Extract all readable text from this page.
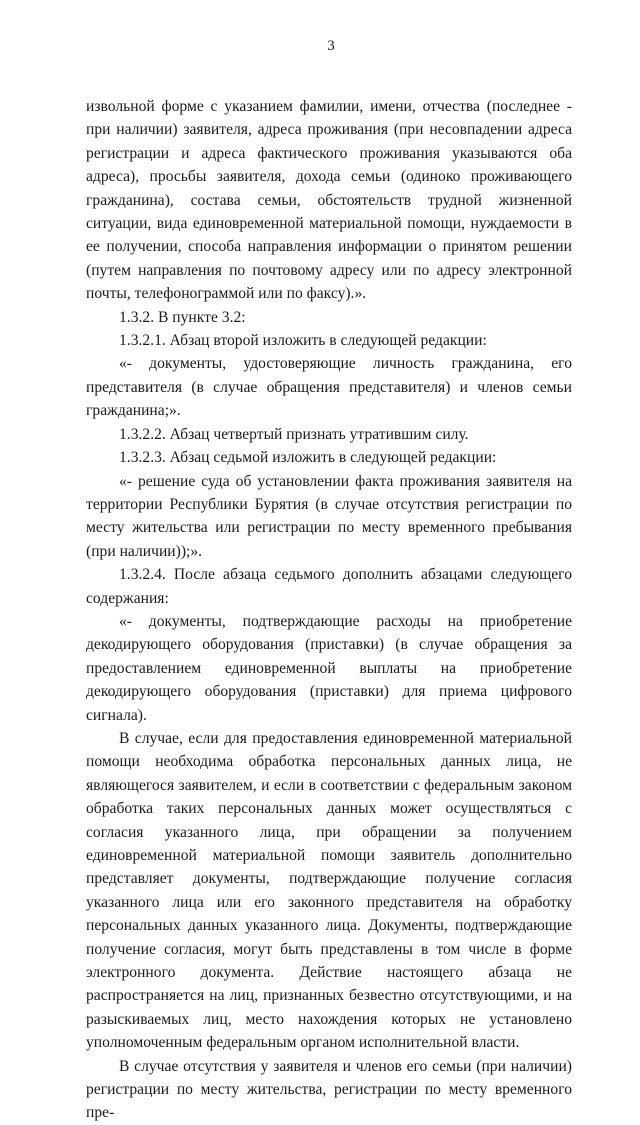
3

извольной форме с указанием фамилии, имени, отчества (последнее - при наличии) заявителя, адреса проживания (при несовпадении адреса регистрации и адреса фактического проживания указываются оба адреса), просьбы заявителя, дохода семьи (одиноко проживающего гражданина), состава семьи, обстоятельств трудной жизненной ситуации, вида единовременной материальной помощи, нуждаемости в ее получении, способа направления информации о принятом решении (путем направления по почтовому адресу или по адресу электронной почты, телефонограммой или по факсу).».

1.3.2. В пункте 3.2:

1.3.2.1. Абзац второй изложить в следующей редакции:

«- документы, удостоверяющие личность гражданина, его представителя (в случае обращения представителя) и членов семьи гражданина;».

1.3.2.2. Абзац четвертый признать утратившим силу.

1.3.2.3. Абзац седьмой изложить в следующей редакции:

«- решение суда об установлении факта проживания заявителя на территории Республики Бурятия (в случае отсутствия регистрации по месту жительства или регистрации по месту временного пребывания (при наличии));».

1.3.2.4. После абзаца седьмого дополнить абзацами следующего содержания:

«- документы, подтверждающие расходы на приобретение декодирующего оборудования (приставки) (в случае обращения за предоставлением единовременной выплаты на приобретение декодирующего оборудования (приставки) для приема цифрового сигнала).

В случае, если для предоставления единовременной материальной помощи необходима обработка персональных данных лица, не являющегося заявителем, и если в соответствии с федеральным законом обработка таких персональных данных может осуществляться с согласия указанного лица, при обращении за получением единовременной материальной помощи заявитель дополнительно представляет документы, подтверждающие получение согласия указанного лица или его законного представителя на обработку персональных данных указанного лица. Документы, подтверждающие получение согласия, могут быть представлены в том числе в форме электронного документа. Действие настоящего абзаца не распространяется на лиц, признанных безвестно отсутствующими, и на разыскиваемых лиц, место нахождения которых не установлено уполномоченным федеральным органом исполнительной власти.

В случае отсутствия у заявителя и членов его семьи (при наличии) регистрации по месту жительства, регистрации по месту временного пре-
